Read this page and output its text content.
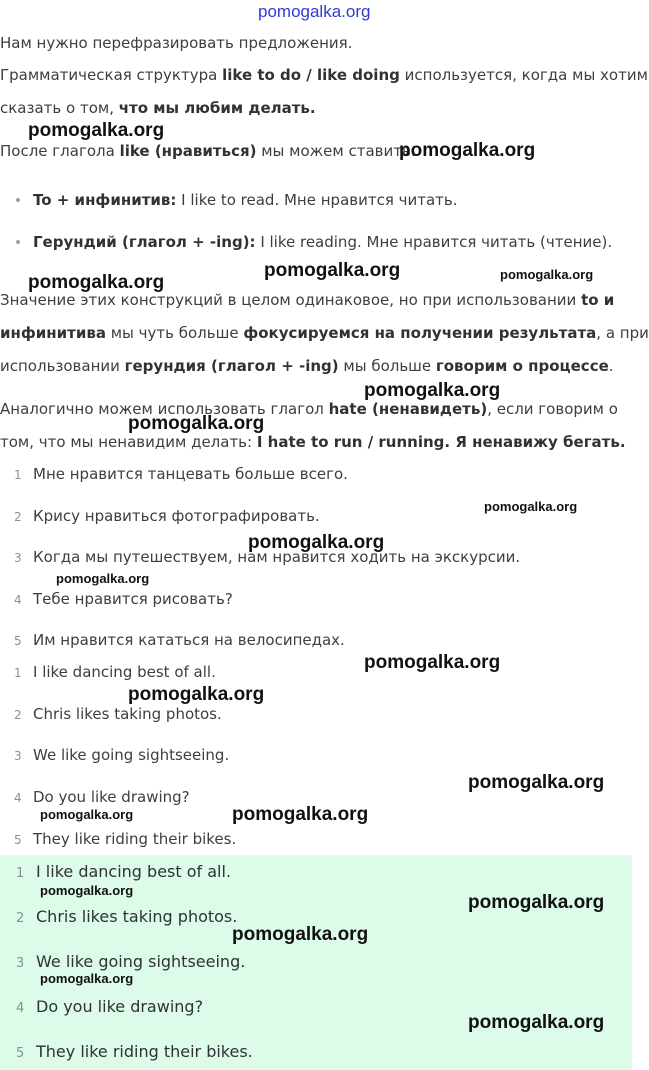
pomogalka.org
Нам нужно перефразировать предложения.
Грамматическая структура like to do / like doing используется, когда мы хотим
сказать о том, что мы любим делать.
После глагола like (нравиться) мы можем ставить:
To + инфинитив: I like to read. Мне нравится читать.
Герундий (глагол + -ing): I like reading. Мне нравится читать (чтение).
Значение этих конструкций в целом одинаковое, но при использовании to и
инфинитива мы чуть больше фокусируемся на получении результата, а при
использовании герундия (глагол + -ing) мы больше говорим о процессе.
Аналогично можем использовать глагол hate (ненавидеть), если говорим о
том, что мы ненавидим делать: I hate to run / running. Я ненавижу бегать.
1 Мне нравится танцевать больше всего.
2 Крису нравиться фотографировать.
3 Когда мы путешествуем, нам нравится ходить на экскурсии.
4 Тебе нравится рисовать?
5 Им нравится кататься на велосипедах.
1 I like dancing best of all.
2 Chris likes taking photos.
3 We like going sightseeing.
4 Do you like drawing?
5 They like riding their bikes.
1 I like dancing best of all.
2 Chris likes taking photos.
3 We like going sightseeing.
4 Do you like drawing?
5 They like riding their bikes.
pomogalka.org
pomogalka.org
pomogalka.org
pomogalka.org	pomogalka.org
pomogalka.org
pomogalka.org
pomogalka.org
pomogalka.org
pomogalka.org
pomogalka.org
pomogalka.org
pomogalka.org
pomogalka.org	pomogalka.org
pomogalka.org
pomogalka.org
pomogalka.org
pomogalka.org
pomogalka.org
